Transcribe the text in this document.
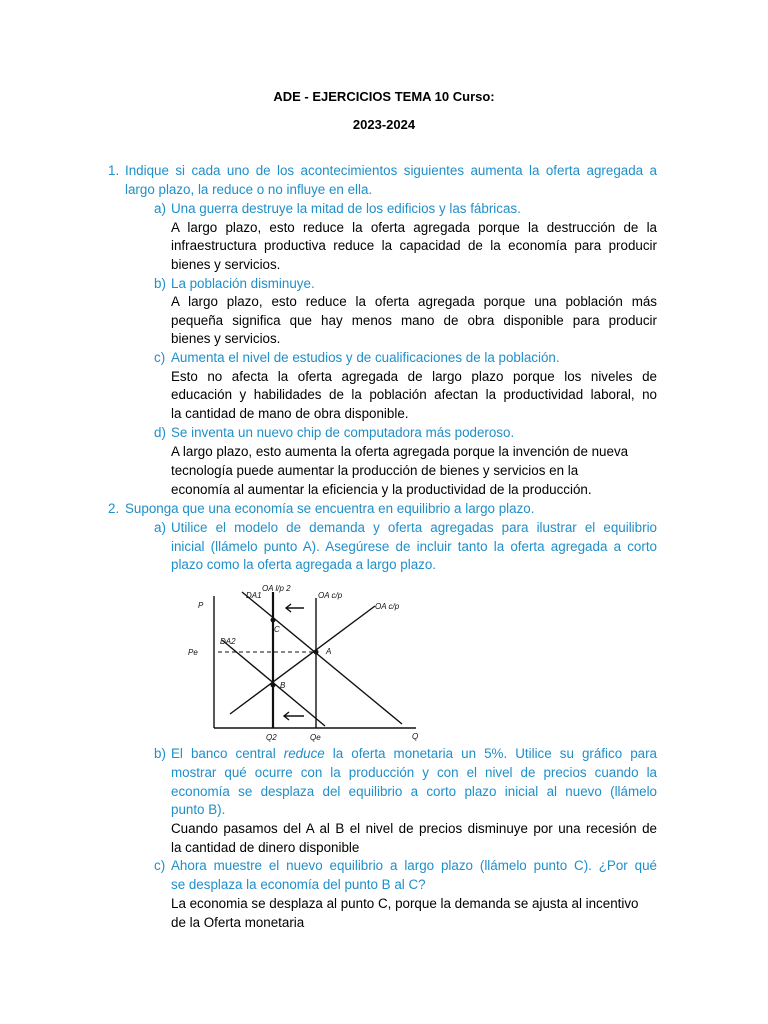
ADE - EJERCICIOS TEMA 10 Curso:
2023-2024
1. Indique si cada uno de los acontecimientos siguientes aumenta la oferta agregada a
largo plazo, la reduce o no influye en ella.
a) Una guerra destruye la mitad de los edificios y las fábricas.
A largo plazo, esto reduce la oferta agregada porque la destrucción de la
infraestructura productiva reduce la capacidad de la economía para producir
bienes y servicios.
b) La población disminuye.
A largo plazo, esto reduce la oferta agregada porque una población más
pequeña significa que hay menos mano de obra disponible para producir
bienes y servicios.
c) Aumenta el nivel de estudios y de cualificaciones de la población.
Esto no afecta la oferta agregada de largo plazo porque los niveles de
educación y habilidades de la población afectan la productividad laboral, no
la cantidad de mano de obra disponible.
d) Se inventa un nuevo chip de computadora más poderoso.
A largo plazo, esto aumenta la oferta agregada porque la invención de nueva
tecnología puede aumentar la producción de bienes y servicios en la
economía al aumentar la eficiencia y la productividad de la producción.
2. Suponga que una economía se encuentra en equilibrio a largo plazo.
a) Utilice el modelo de demanda y oferta agregadas para ilustrar el equilibrio
inicial (llámelo punto A). Asegúrese de incluir tanto la oferta agregada a corto
plazo como la oferta agregada a largo plazo.
P
Q
Pe
Q2	Qe
DA1
DA2
OA c/p
OA c/p
OA l/p 2
A
B
C
b) El banco central reduce la oferta monetaria un 5%. Utilice su gráfico para
mostrar qué ocurre con la producción y con el nivel de precios cuando la
economía se desplaza del equilibrio a corto plazo inicial al nuevo (llámelo
punto B).
Cuando pasamos del A al B el nivel de precios disminuye por una recesión de
la cantidad de dinero disponible
c) Ahora muestre el nuevo equilibrio a largo plazo (llámelo punto C). ¿Por qué
se desplaza la economía del punto B al C?
La economia se desplaza al punto C, porque la demanda se ajusta al incentivo
de la Oferta monetaria
